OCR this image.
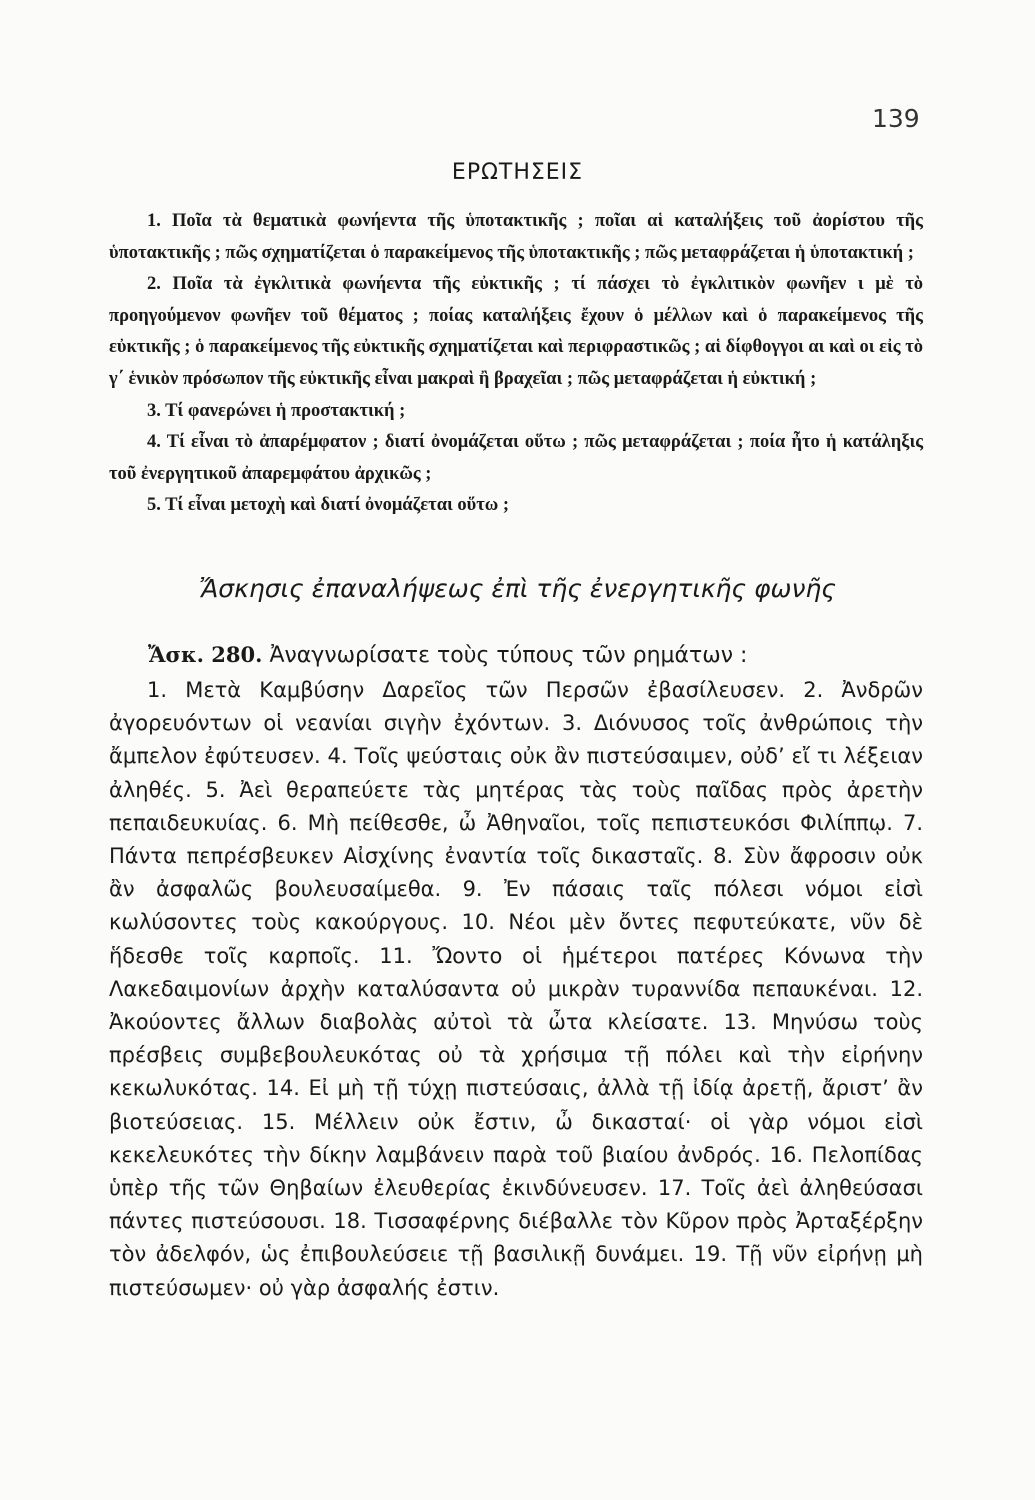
139
ΕΡΩΤΗΣΕΙΣ

1. Ποῖα τὰ θεματικὰ φωνήεντα τῆς ὑποτακτικῆς ; ποῖαι αἱ καταλήξεις τοῦ ἀορίστου τῆς ὑποτακτικῆς ; πῶς σχηματίζεται ὁ παρακείμενος τῆς ὑποτακτικῆς ; πῶς μεταφράζεται ἡ ὑποτακτική ;

2. Ποῖα τὰ ἐγκλιτικὰ φωνήεντα τῆς εὐκτικῆς ; τί πάσχει τὸ ἐγκλιτικὸν φωνῆεν ι μὲ τὸ προηγούμενον φωνῆεν τοῦ θέματος ; ποίας καταλήξεις ἔχουν ὁ μέλλων καὶ ὁ παρακείμενος τῆς εὐκτικῆς ; ὁ παρακείμενος τῆς εὐκτικῆς σχηματίζεται καὶ περιφραστικῶς ; αἱ δίφθογγοι αι καὶ οι εἰς τὸ γ΄ ἑνικὸν πρόσωπον τῆς εὐκτικῆς εἶναι μακραὶ ἢ βραχεῖαι ; πῶς μεταφράζεται ἡ εὐκτική ;

3. Τί φανερώνει ἡ προστακτική ;

4. Τί εἶναι τὸ ἀπαρέμφατον ; διατί ὀνομάζεται οὕτω ; πῶς μεταφράζεται ; ποία ἦτο ἡ κατάληξις τοῦ ἐνεργητικοῦ ἀπαρεμφάτου ἀρχικῶς ;

5. Τί εἶναι μετοχὴ καὶ διατί ὀνομάζεται οὕτω ;

Ἄσκησις ἐπαναλήψεως ἐπὶ τῆς ἐνεργητικῆς φωνῆς
Ἄσκ. 280. Ἀναγνωρίσατε τοὺς τύπους τῶν ρημάτων :
1. Μετὰ Καμβύσην Δαρεῖος τῶν Περσῶν ἐβασίλευσεν. 2. Ἀνδρῶν ἀγορευόντων οἱ νεανίαι σιγὴν ἐχόντων. 3. Διόνυσος τοῖς ἀνθρώποις τὴν ἄμπελον ἐφύτευσεν. 4. Τοῖς ψεύσταις οὐκ ἂν πιστεύσαιμεν, οὐδ’ εἴ τι λέξειαν ἀληθές. 5. Ἀεὶ θεραπεύετε τὰς μητέρας τὰς τοὺς παῖδας πρὸς ἀρετὴν πεπαιδευκυίας. 6. Μὴ πείθεσθε, ὦ Ἀθηναῖοι, τοῖς πεπιστευκόσι Φιλίππῳ. 7. Πάντα πεπρέσβευκεν Αἰσχίνης ἐναντία τοῖς δικασταῖς. 8. Σὺν ἄφροσιν οὐκ ἂν ἀσφαλῶς βουλευσαίμεθα. 9. Ἐν πάσαις ταῖς πόλεσι νόμοι εἰσὶ κωλύσοντες τοὺς κακούργους. 10. Νέοι μὲν ὄντες πεφυτεύκατε, νῦν δὲ ἥδεσθε τοῖς καρποῖς. 11. Ὤοντο οἱ ἡμέτεροι πατέρες Κόνωνα τὴν Λακεδαιμονίων ἀρχὴν καταλύσαντα οὐ μικρὰν τυραννίδα πεπαυκέναι. 12. Ἀκούοντες ἄλλων διαβολὰς αὐτοὶ τὰ ὦτα κλείσατε. 13. Μηνύσω τοὺς πρέσβεις συμβεβουλευκότας οὐ τὰ χρήσιμα τῇ πόλει καὶ τὴν εἰρήνην κεκωλυκότας. 14. Εἰ μὴ τῇ τύχῃ πιστεύσαις, ἀλλὰ τῇ ἰδίᾳ ἀρετῇ, ἄριστ’ ἂν βιοτεύσειας. 15. Μέλλειν οὐκ ἔστιν, ὦ δικασταί· οἱ γὰρ νόμοι εἰσὶ κεκελευκότες τὴν δίκην λαμβάνειν παρὰ τοῦ βιαίου ἀνδρός. 16. Πελοπίδας ὑπὲρ τῆς τῶν Θηβαίων ἐλευθερίας ἐκινδύνευσεν. 17. Τοῖς ἀεὶ ἀληθεύσασι πάντες πιστεύσουσι. 18. Τισσαφέρνης διέβαλλε τὸν Κῦρον πρὸς Ἀρταξέρξην τὸν ἀδελφόν, ὡς ἐπιβουλεύσειε τῇ βασιλικῇ δυνάμει. 19. Τῇ νῦν εἰρήνῃ μὴ πιστεύσωμεν· οὐ γὰρ ἀσφαλής ἐστιν.
